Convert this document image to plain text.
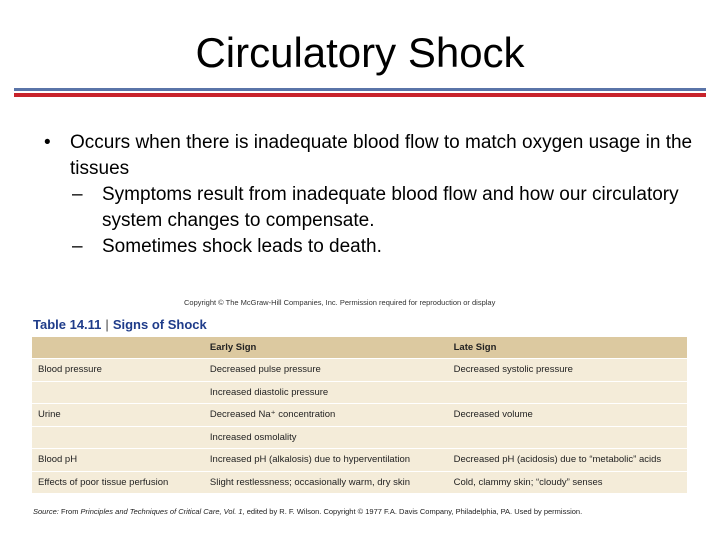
Circulatory Shock
• Occurs when there is inadequate blood flow to match oxygen usage in the tissues
– Symptoms result from inadequate blood flow and how our circulatory system changes to compensate.
– Sometimes shock leads to death.
Copyright © The McGraw-Hill Companies, Inc. Permission required for reproduction or display
Table 14.11 | Signs of Shock
	Early Sign	Late Sign
Blood pressure	Decreased pulse pressure	Decreased systolic pressure
	Increased diastolic pressure	
Urine	Decreased Na⁺ concentration	Decreased volume
	Increased osmolality	
Blood pH	Increased pH (alkalosis) due to hyperventilation	Decreased pH (acidosis) due to “metabolic” acids
Effects of poor tissue perfusion	Slight restlessness; occasionally warm, dry skin	Cold, clammy skin; “cloudy” senses
Source: From Principles and Techniques of Critical Care, Vol. 1, edited by R. F. Wilson. Copyright © 1977 F.A. Davis Company, Philadelphia, PA. Used by permission.
